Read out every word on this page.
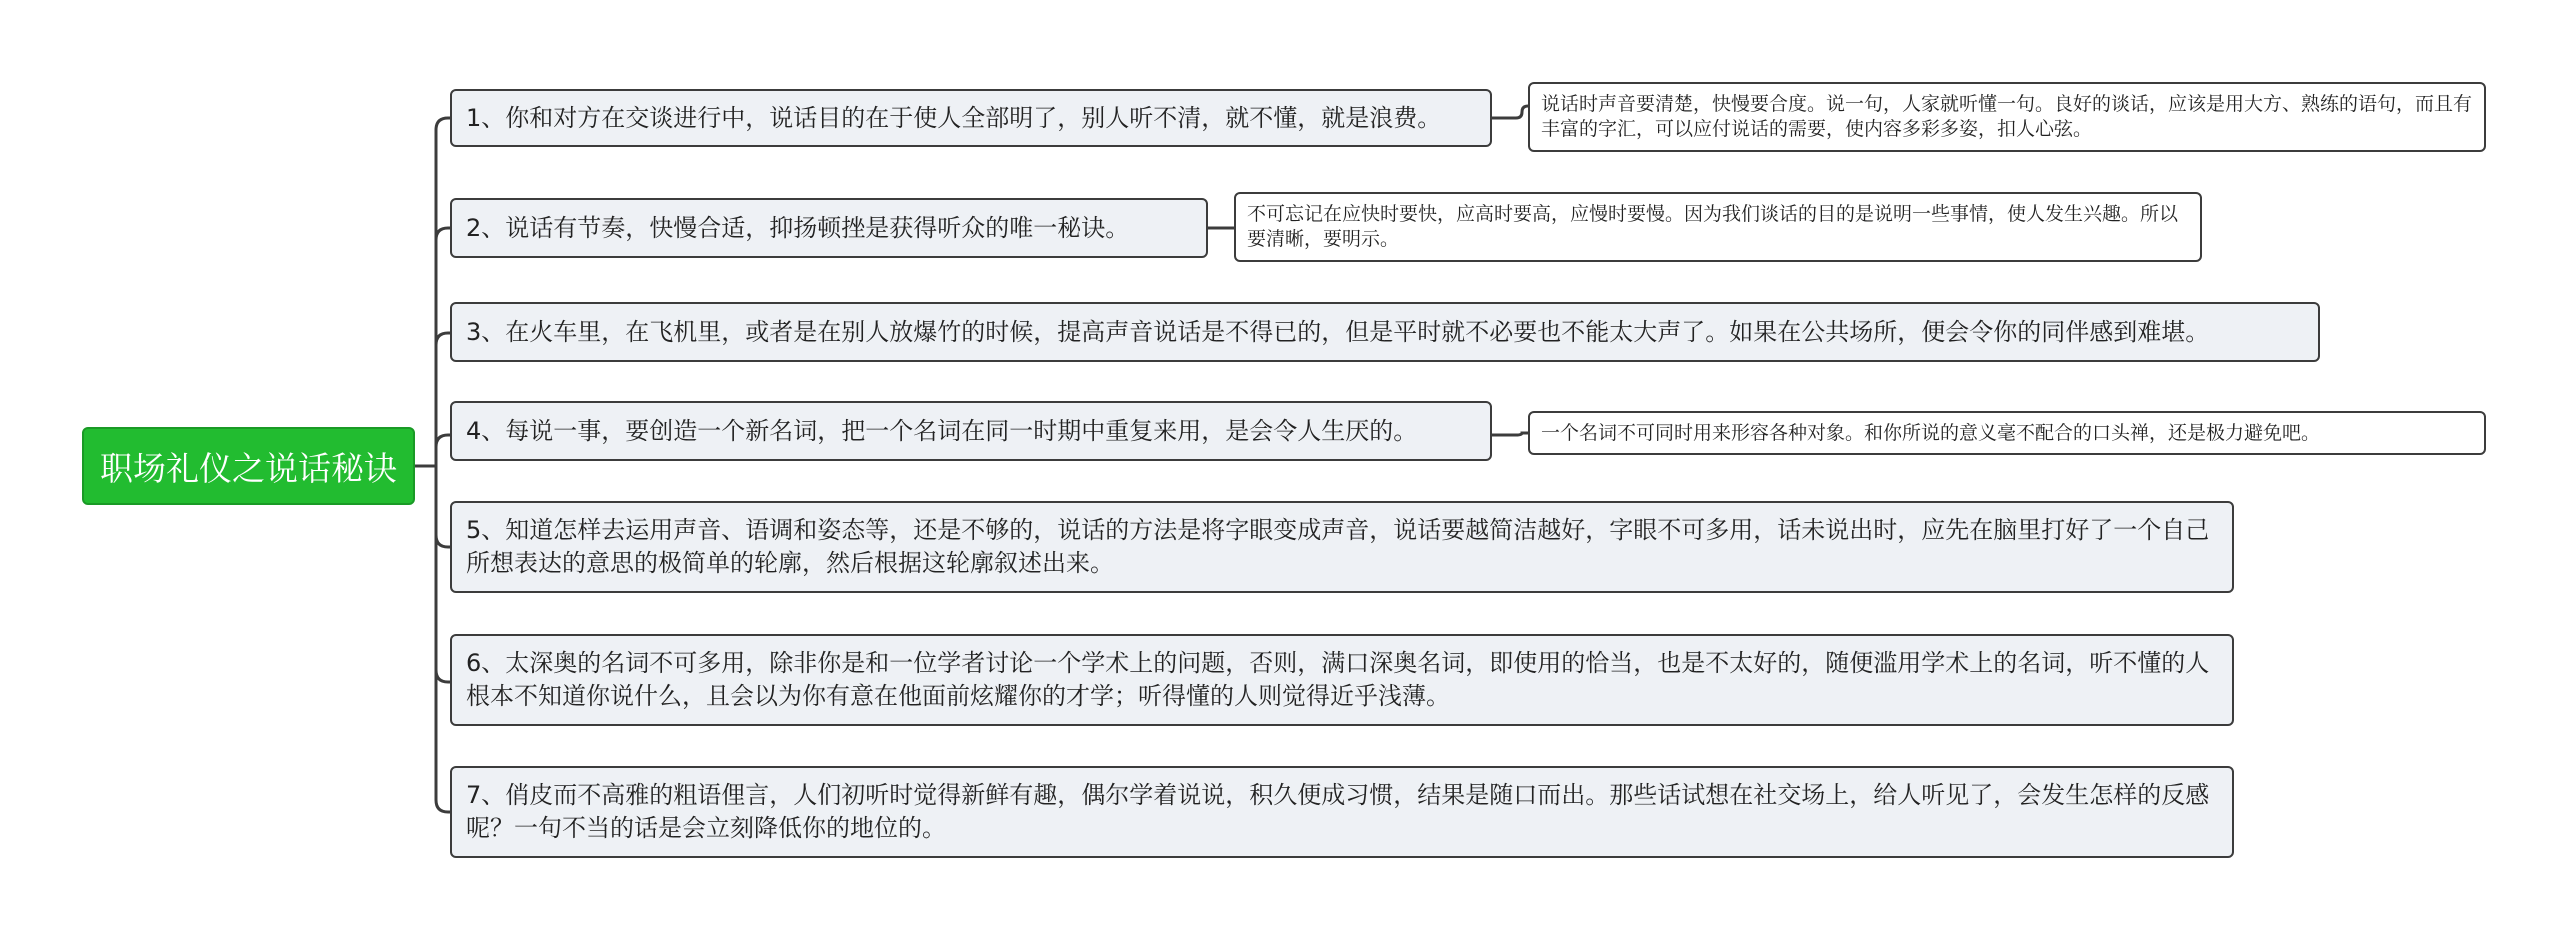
职场礼仪之说话秘诀
1、你和对方在交谈进行中，说话目的在于使人全部明了，别人听不清，就不懂，就是浪费。	说话时声音要清楚，快慢要合度。说一句，人家就听懂一句。良好的谈话，应该是用大方、熟练的语句，而且有丰富的字汇，可以应付说话的需要，使内容多彩多姿，扣人心弦。
2、说话有节奏，快慢合适，抑扬顿挫是获得听众的唯一秘诀。	不可忘记在应快时要快，应高时要高，应慢时要慢。因为我们谈话的目的是说明一些事情，使人发生兴趣。所以要清晰，要明示。
3、在火车里，在飞机里，或者是在别人放爆竹的时候，提高声音说话是不得已的，但是平时就不必要也不能太大声了。如果在公共场所，便会令你的同伴感到难堪。
4、每说一事，要创造一个新名词，把一个名词在同一时期中重复来用，是会令人生厌的。	一个名词不可同时用来形容各种对象。和你所说的意义毫不配合的口头禅，还是极力避免吧。
5、知道怎样去运用声音、语调和姿态等，还是不够的，说话的方法是将字眼变成声音，说话要越简洁越好，字眼不可多用，话未说出时，应先在脑里打好了一个自己所想表达的意思的极简单的轮廓，然后根据这轮廓叙述出来。
6、太深奥的名词不可多用，除非你是和一位学者讨论一个学术上的问题，否则，满口深奥名词，即使用的恰当，也是不太好的，随便滥用学术上的名词，听不懂的人根本不知道你说什么，且会以为你有意在他面前炫耀你的才学；听得懂的人则觉得近乎浅薄。
7、俏皮而不高雅的粗语俚言，人们初听时觉得新鲜有趣，偶尔学着说说，积久便成习惯，结果是随口而出。那些话试想在社交场上，给人听见了，会发生怎样的反感呢？一句不当的话是会立刻降低你的地位的。
